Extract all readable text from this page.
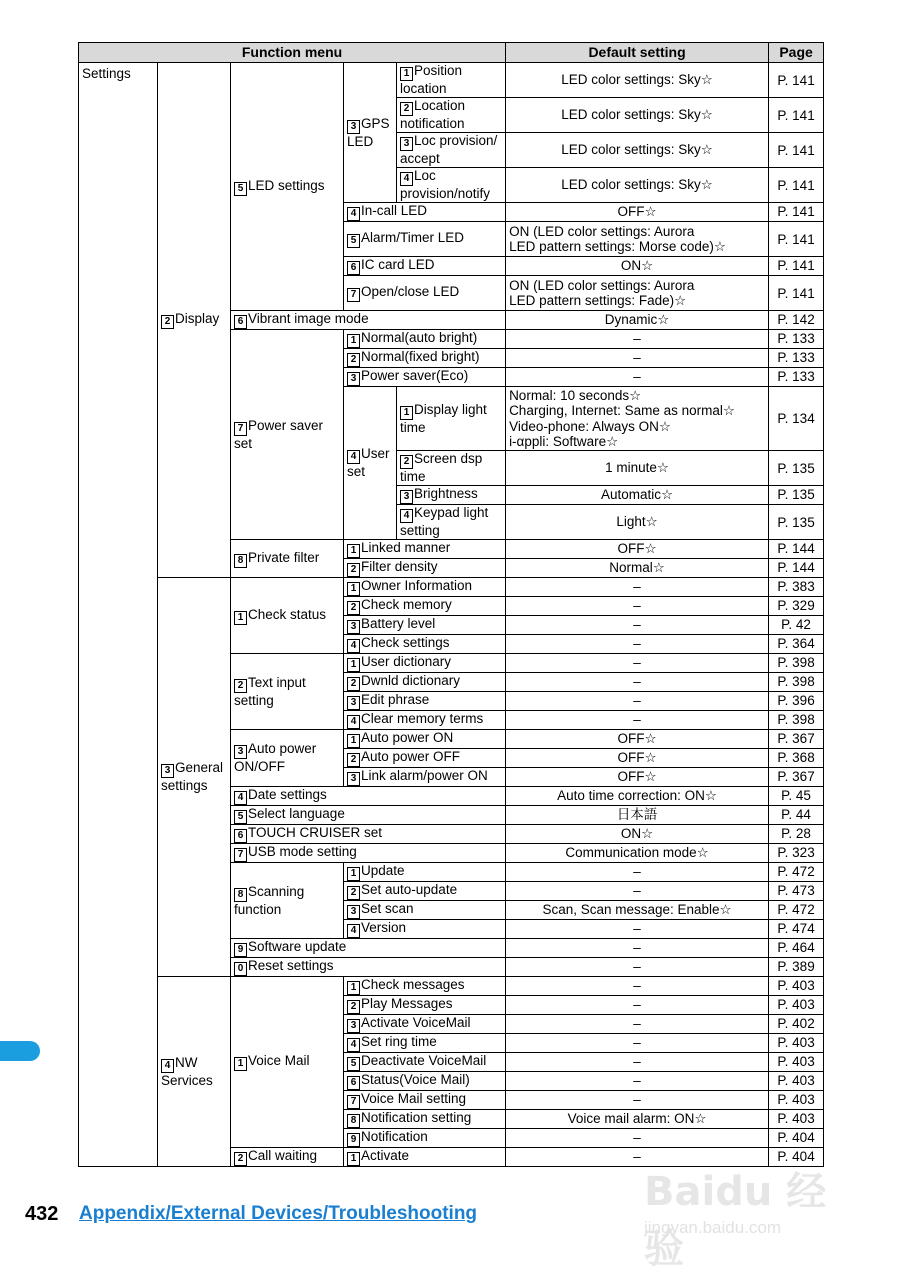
Function menu					Default setting	Page
Settings	2 Display	5 LED settings	3 GPS LED	1 Position location	LED color settings: Sky☆	P. 141
				2 Location notification	LED color settings: Sky☆	P. 141
				3 Loc provision/ accept	LED color settings: Sky☆	P. 141
				4 Loc provision/notify	LED color settings: Sky☆	P. 141
			4 In-call LED		OFF☆	P. 141
			5 Alarm/Timer LED		ON (LED color settings: Aurora
LED pattern settings: Morse code)☆	P. 141
			6 IC card LED		ON☆	P. 141
			7 Open/close LED		ON (LED color settings: Aurora
LED pattern settings: Fade)☆	P. 141
		6 Vibrant image mode			Dynamic☆	P. 142
		7 Power saver set	1 Normal(auto bright)		–	P. 133
			2 Normal(fixed bright)		–	P. 133
			3 Power saver(Eco)		–	P. 133
			4 User set	1 Display light time	Normal: 10 seconds☆
Charging, Internet: Same as normal☆
Video-phone: Always ON☆
i-αppli: Software☆	P. 134
				2 Screen dsp time	1 minute☆	P. 135
				3 Brightness	Automatic☆	P. 135
				4 Keypad light setting	Light☆	P. 135
		8 Private filter	1 Linked manner		OFF☆	P. 144
			2 Filter density		Normal☆	P. 144
	3 General settings	1 Check status	1 Owner Information		–	P. 383
			2 Check memory		–	P. 329
			3 Battery level		–	P. 42
			4 Check settings		–	P. 364
		2 Text input setting	1 User dictionary		–	P. 398
			2 Dwnld dictionary		–	P. 398
			3 Edit phrase		–	P. 396
			4 Clear memory terms		–	P. 398
		3 Auto power ON/OFF	1 Auto power ON		OFF☆	P. 367
			2 Auto power OFF		OFF☆	P. 368
			3 Link alarm/power ON		OFF☆	P. 367
		4 Date settings			Auto time correction: ON☆	P. 45
		5 Select language			日本語	P. 44
		6 TOUCH CRUISER set			ON☆	P. 28
		7 USB mode setting			Communication mode☆	P. 323
		8 Scanning function	1 Update		–	P. 472
			2 Set auto-update		–	P. 473
			3 Set scan		Scan, Scan message: Enable☆	P. 472
			4 Version		–	P. 474
		9 Software update			–	P. 464
		0 Reset settings			–	P. 389
	4 NW Services	1 Voice Mail	1 Check messages		–	P. 403
			2 Play Messages		–	P. 403
			3 Activate VoiceMail		–	P. 402
			4 Set ring time		–	P. 403
			5 Deactivate VoiceMail		–	P. 403
			6 Status(Voice Mail)		–	P. 403
			7 Voice Mail setting		–	P. 403
			8 Notification setting		Voice mail alarm: ON☆	P. 403
			9 Notification		–	P. 404
		2 Call waiting	1 Activate		–	P. 404
432 Appendix/External Devices/Troubleshooting	Baidu 经验
jingyan.baidu.com
